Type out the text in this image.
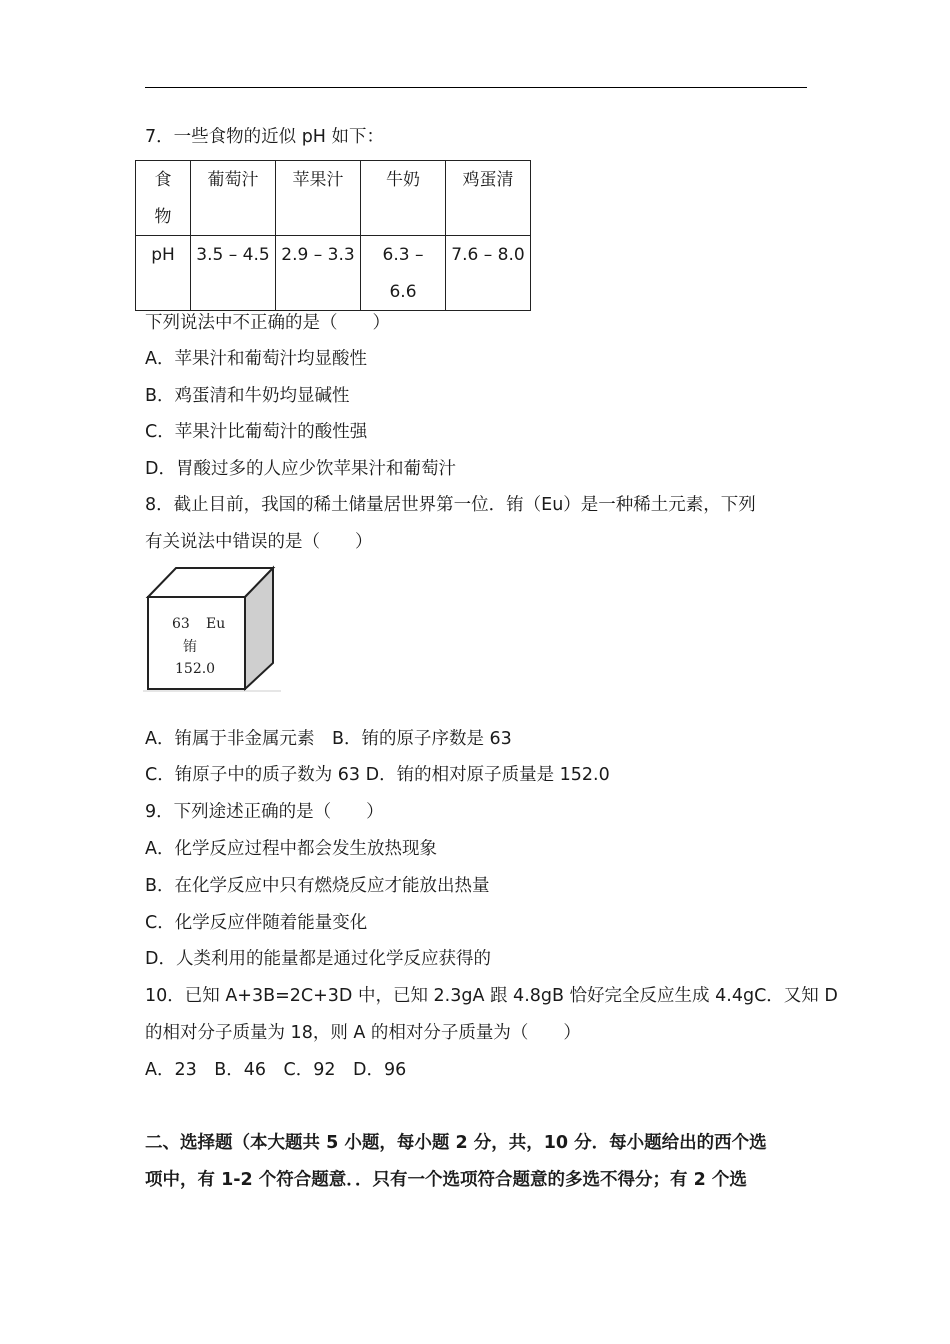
7．一些食物的近似 pH 如下：
食
物	葡萄汁	苹果汁	牛奶	鸡蛋清

pH	3.5 – 4.5	2.9 – 3.3	6.3 –
6.6	7.6 – 8.0
下列说法中不正确的是（　　）
A．苹果汁和葡萄汁均显酸性
B．鸡蛋清和牛奶均显碱性
C．苹果汁比葡萄汁的酸性强
D．胃酸过多的人应少饮苹果汁和葡萄汁
8．截止目前，我国的稀土储量居世界第一位．铕（Eu）是一种稀土元素，下列
有关说法中错误的是（　　）
63 Eu
铕
152.0
A．铕属于非金属元素　B．铕的原子序数是 63
C．铕原子中的质子数为 63 D．铕的相对原子质量是 152.0
9．下列途述正确的是（　　）
A．化学反应过程中都会发生放热现象
B．在化学反应中只有燃烧反应才能放出热量
C．化学反应伴随着能量变化
D．人类利用的能量都是通过化学反应获得的
10．已知 A+3B=2C+3D 中，已知 2.3gA 跟 4.8gB 恰好完全反应生成 4.4gC．又知 D
的相对分子质量为 18，则 A 的相对分子质量为（　　）
A．23　B．46　C．92　D．96
二、选择题（本大题共 5 小题，每小题 2 分，共，10 分．每小题给出的西个选
项中，有 1-2 个符合题意．．只有一个选项符合题意的多选不得分；有 2 个选
